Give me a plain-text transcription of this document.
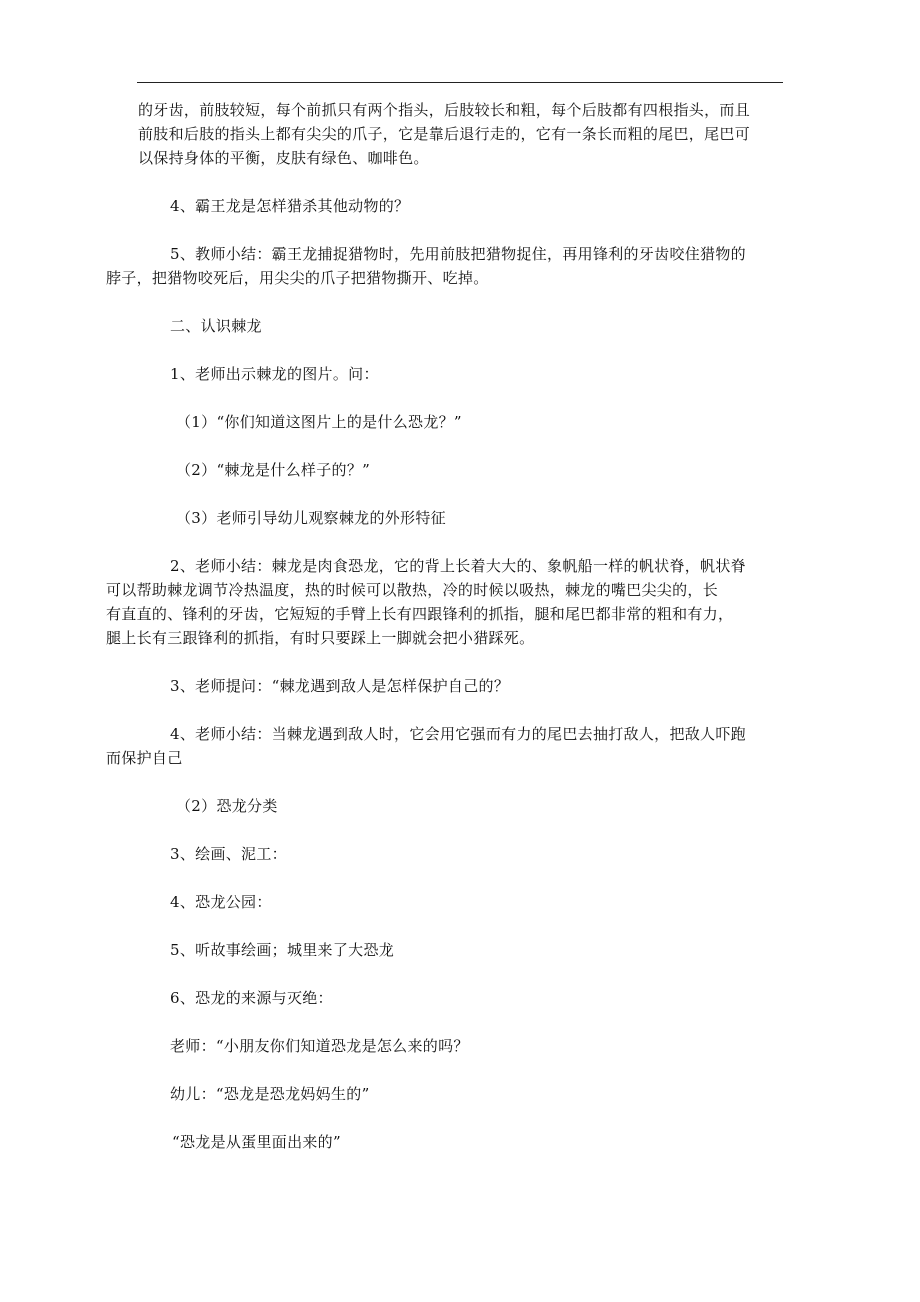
的牙齿，前肢较短，每个前抓只有两个指头，后肢较长和粗，每个后肢都有四根指头，而且
前肢和后肢的指头上都有尖尖的爪子，它是靠后退行走的，它有一条长而粗的尾巴，尾巴可
以保持身体的平衡，皮肤有绿色、咖啡色。

4、霸王龙是怎样猎杀其他动物的？

5、教师小结：霸王龙捕捉猎物时，先用前肢把猎物捉住，再用锋利的牙齿咬住猎物的
脖子，把猎物咬死后，用尖尖的爪子把猎物撕开、吃掉。

二、认识棘龙

1、老师出示棘龙的图片。问：

（1）“你们知道这图片上的是什么恐龙？”

（2）“棘龙是什么样子的？”

（3）老师引导幼儿观察棘龙的外形特征

2、老师小结：棘龙是肉食恐龙，它的背上长着大大的、象帆船一样的帆状脊，帆状脊
可以帮助棘龙调节冷热温度，热的时候可以散热，冷的时候以吸热，棘龙的嘴巴尖尖的，长
有直直的、锋利的牙齿，它短短的手臂上长有四跟锋利的抓指，腿和尾巴都非常的粗和有力，
腿上长有三跟锋利的抓指，有时只要踩上一脚就会把小猎踩死。

3、老师提问：“棘龙遇到敌人是怎样保护自己的？

4、老师小结：当棘龙遇到敌人时，它会用它强而有力的尾巴去抽打敌人，把敌人吓跑
而保护自己

（2）恐龙分类

3、绘画、泥工：

4、恐龙公园：

5、听故事绘画；城里来了大恐龙

6、恐龙的来源与灭绝：

老师：“小朋友你们知道恐龙是怎么来的吗？

幼儿：“恐龙是恐龙妈妈生的”

“恐龙是从蛋里面出来的”
